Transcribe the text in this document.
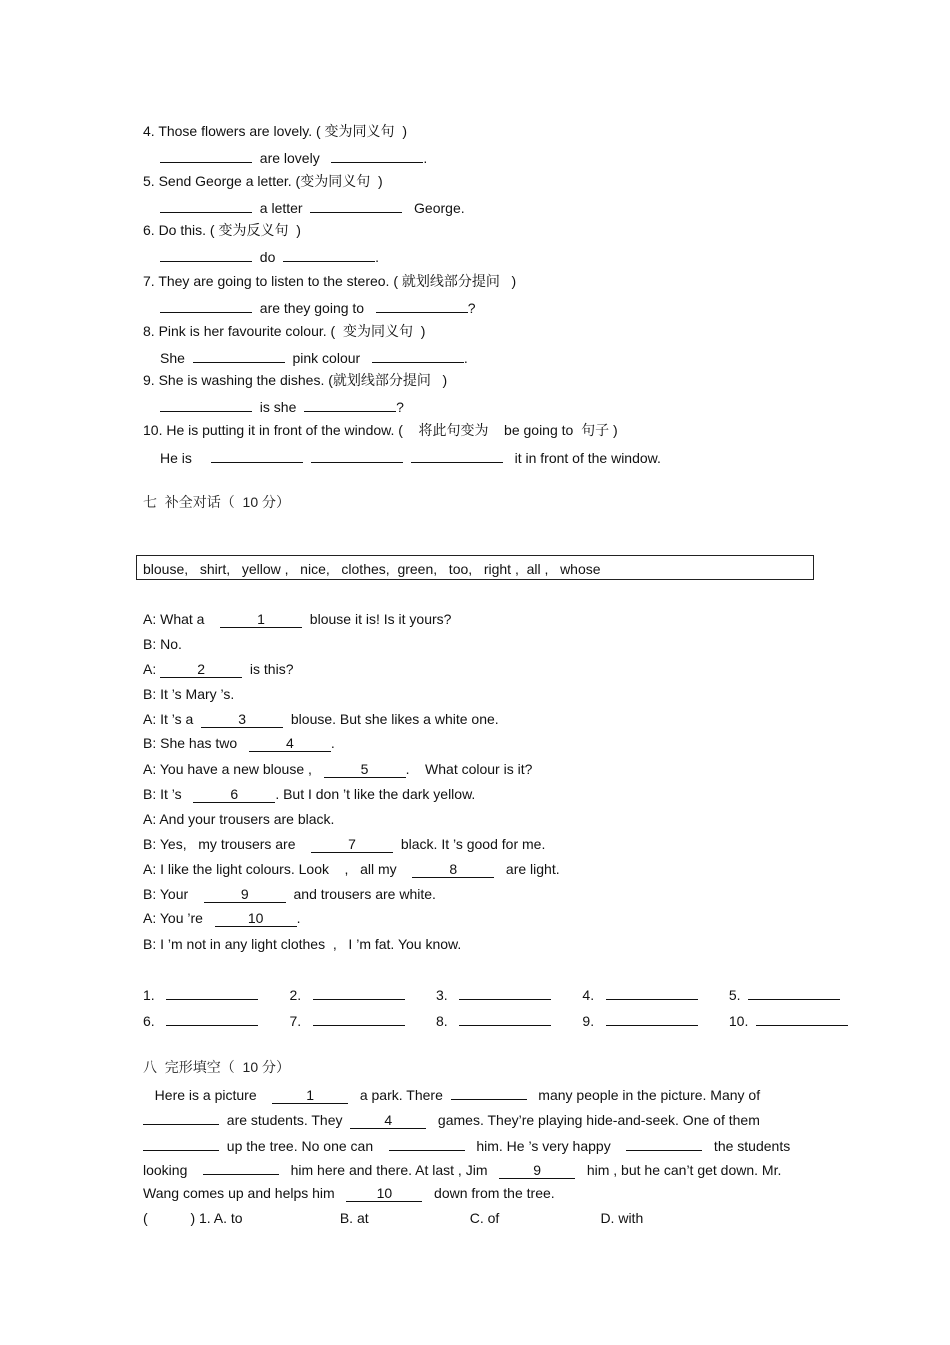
4. Those flowers are lovely. ( 变为同义句  )
are lovely	.
5. Send George a letter. (变为同义句  )
a letter	George.
6. Do this. ( 变为反义句  )
do	.
7. They are going to listen to the stereo. ( 就划线部分提问   )
are they going to	?
8. Pink is her favourite colour. (  变为同义句  )
She	pink colour	.
9. She is washing the dishes. (就划线部分提问   )
is she	?
10. He is putting it in front of the window. (    将此句变为    be going to  句子 )
He is	it in front of the window.
七  补全对话（  10 分）
blouse,   shirt,   yellow ,   nice,   clothes,  green,   too,   right ,  all ,   whose
A: What a	1	blouse it is! Is it yours?
B: No.
A:	2	is this?
B: It ’s Mary ’s.
A: It ’s a	3	blouse. But she likes a white one.
B: She has two	4	.
A: You have a new blouse ,	5	.    What colour is it?
B: It ’s	6	. But I don ’t like the dark yellow.
A: And your trousers are black.
B: Yes,   my trousers are	7	black. It ’s good for me.
A: I like the light colours. Look    ,   all my	8	are light.
B: Your	9	and trousers are white.
A: You ’re   10 .
B: I ’m not in any light clothes  ,   I ’m fat. You know.
1.	2.	3.	4.	5.
6.	7.	8.	9.	10.
八  完形填空（  10 分）
Here is a picture    1   a park. There	many people in the picture. Many of
are students. They  4   games. They’re playing hide-and-seek. One of them
up the tree. No one can	him. He ’s very happy	the students
looking	him here and there. At last , Jim   9   him , but he can’t get down. Mr.
Wang comes up and helps him   10   down from the tree.
(           ) 1. A. to                         B. at                          C. of                          D. with
